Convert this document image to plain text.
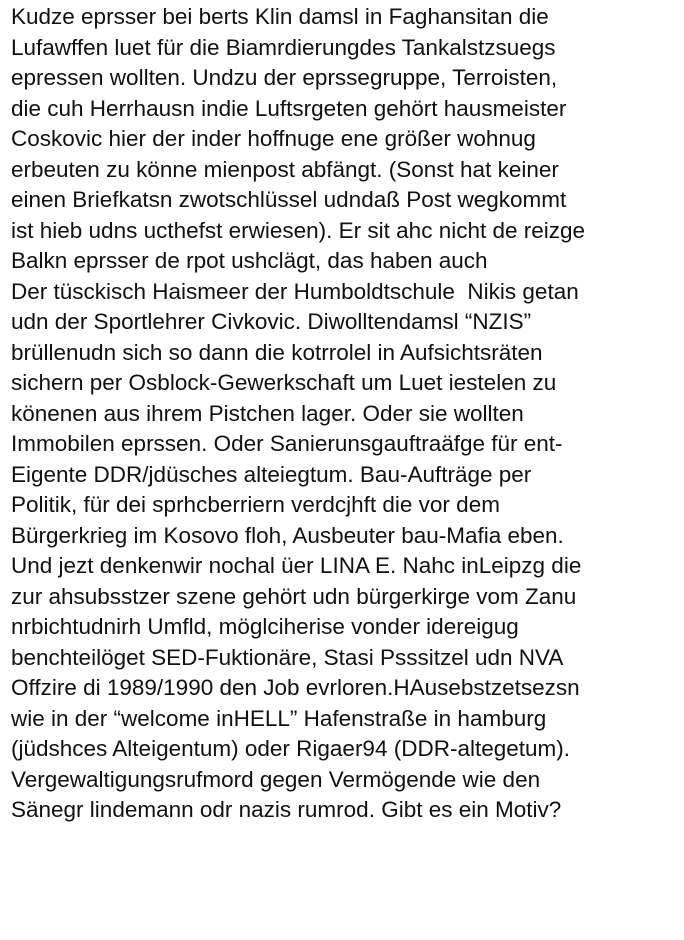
Kudze eprsser bei berts Klin damsl in Faghansitan die
Lufawffen luet für die Biamrdierungdes Tankalstzsuegs
epressen wollten. Undzu der eprssegruppe, Terroisten,
die cuh Herrhausn indie Luftsrgeten gehört hausmeister
Coskovic hier der inder hoffnuge ene größer wohnug
erbeuten zu könne mienpost abfängt. (Sonst hat keiner
einen Briefkatsn zwotschlüssel udndaß Post wegkommt
ist hieb udns ucthefst erwiesen). Er sit ahc nicht de reizge
Balkn eprsser de rpot ushclägt, das haben auch
Der tüsckisch Haismeer der Humboldtschule  Nikis getan
udn der Sportlehrer Civkovic. Diwolltendamsl “NZIS”
brüllenudn sich so dann die kotrrolel in Aufsichtsräten
sichern per Osblock-Gewerkschaft um Luet iestelen zu
könenen aus ihrem Pistchen lager. Oder sie wollten
Immobilen eprssen. Oder Sanierunsgauftraäfge für ent-
Eigente DDR/jdüsches alteiegtum. Bau-Aufträge per
Politik, für dei sprhcberriern verdcjhft die vor dem
Bürgerkrieg im Kosovo floh, Ausbeuter bau-Mafia eben.
Und jezt denkenwir nochal üer LINA E. Nahc inLeipzg die
zur ahsubsstzer szene gehört udn bürgerkirge vom Zanu
nrbichtudnirh Umfld, möglciherise vonder idereigug
benchteilöget SED-Fuktionäre, Stasi Psssitzel udn NVA
Offzire di 1989/1990 den Job evrloren.HAusebstzetsezsn
wie in der “welcome inHELL” Hafenstraße in hamburg
(jüdshces Alteigentum) oder Rigaer94 (DDR-altegetum).
Vergewaltigungsrufmord gegen Vermögende wie den
Sänegr lindemann odr nazis rumrod. Gibt es ein Motiv?
